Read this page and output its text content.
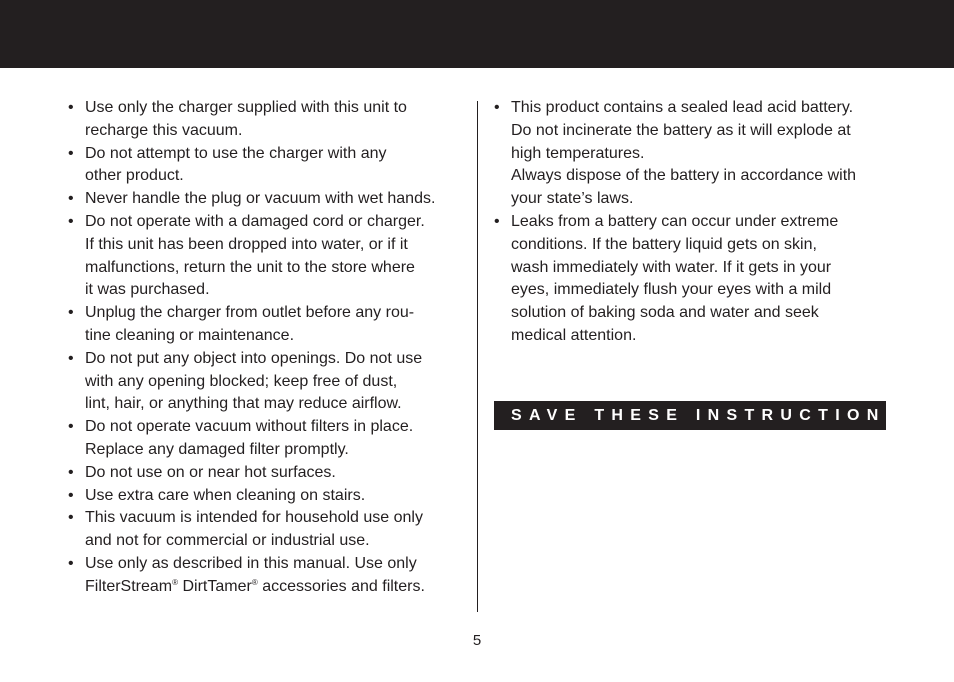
• Use only the charger supplied with this unit to
recharge this vacuum.
• Do not attempt to use the charger with any
other product.
• Never handle the plug or vacuum with wet hands.
• Do not operate with a damaged cord or charger.
If this unit has been dropped into water, or if it
malfunctions, return the unit to the store where
it was purchased.
• Unplug the charger from outlet before any rou-
tine cleaning or maintenance.
• Do not put any object into openings. Do not use
with any opening blocked; keep free of dust,
lint, hair, or anything that may reduce airflow.
• Do not operate vacuum without filters in place.
Replace any damaged filter promptly.
• Do not use on or near hot surfaces.
• Use extra care when cleaning on stairs.
• This vacuum is intended for household use only
and not for commercial or industrial use.
• Use only as described in this manual. Use only
FilterStream® DirtTamer® accessories and filters.
• This product contains a sealed lead acid battery.
Do not incinerate the battery as it will explode at
high temperatures.
Always dispose of the battery in accordance with
your state’s laws.
• Leaks from a battery can occur under extreme
conditions. If the battery liquid gets on skin,
wash immediately with water. If it gets in your
eyes, immediately flush your eyes with a mild
solution of baking soda and water and seek
medical attention.
SAVE THESE INSTRUCTIONS
5
